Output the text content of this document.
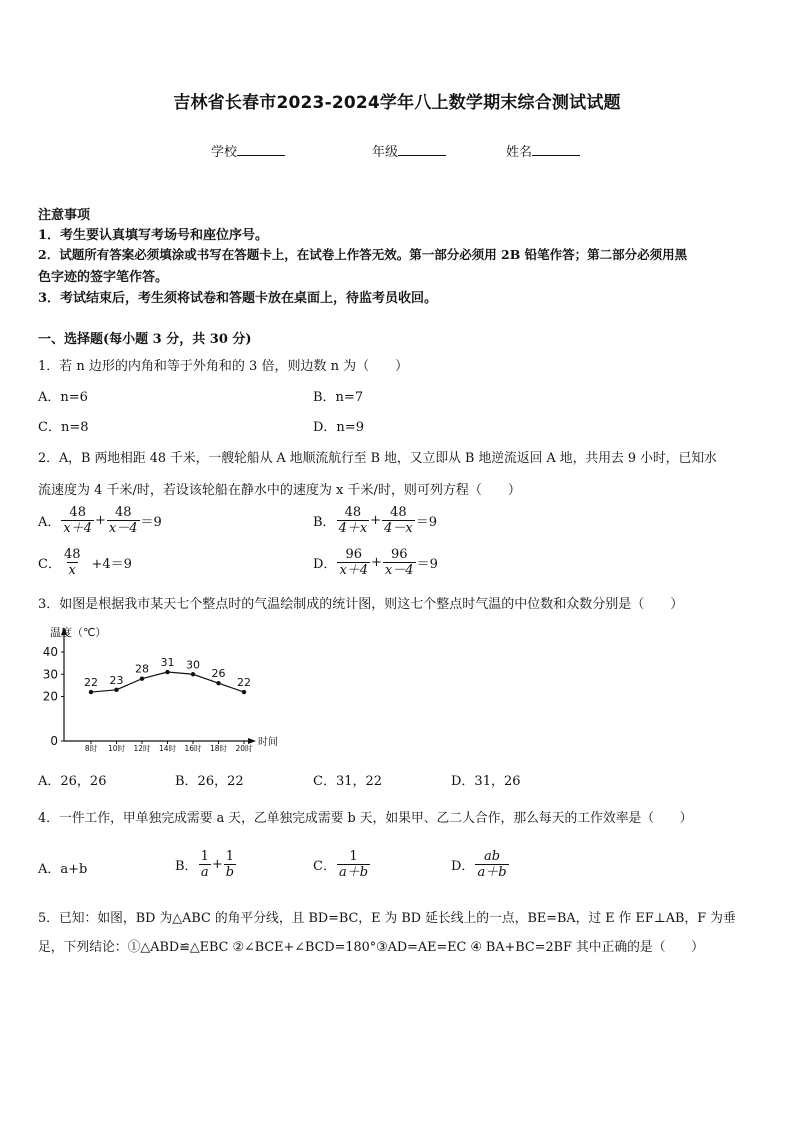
吉林省长春市2023-2024学年八上数学期末综合测试试题
学校	年级	姓名
注意事项
1．考生要认真填写考场号和座位序号。
2．试题所有答案必须填涂或书写在答题卡上，在试卷上作答无效。第一部分必须用 2B 铅笔作答；第二部分必须用黑
色字迹的签字笔作答。
3．考试结束后，考生须将试卷和答题卡放在桌面上，待监考员收回。
一、选择题(每小题 3 分，共 30 分)
1．若 n 边形的内角和等于外角和的 3 倍，则边数 n 为（　　）
A．n=6	B．n=7
C．n=8	D．n=9
2．A，B 两地相距 48 千米，一艘轮船从 A 地顺流航行至 B 地，又立即从 B 地逆流返回 A 地，共用去 9 小时，已知水
流速度为 4 千米/时，若设该轮船在静水中的速度为 x 千米/时，则可列方程（　　）
A． $\frac{48}{x+4} + \frac{48}{x-4} =9$	B． $\frac{48}{4+x} + \frac{48}{4-x} =9$
C． $\frac{48}{x} +4=9$	D． $\frac{96}{x+4} + \frac{96}{x-4} =9$
3．如图是根据我市某天七个整点时的气温绘制成的统计图，则这七个整点时气温的中位数和众数分别是（　　）
温度（℃）
时间
0
20
30
40
8时 10时 12时 14时 16时 18时 20时
22 23
28
31 30
26
22
A．26，26	B．26，22	C．31，22	D．31，26
4．一件工作，甲单独完成需要 a 天，乙单独完成需要 b 天，如果甲、乙二人合作，那么每天的工作效率是（　　）
A．a+b	B． $\frac{1}{a} + \frac{1}{b}$	C． $\frac{1}{a+b}$	D． $\frac{ab}{a+b}$
5．已知：如图，BD 为△ABC 的角平分线，且 BD=BC，E 为 BD 延长线上的一点，BE=BA，过 E 作 EF⊥AB，F 为垂
足，下列结论：①△ABD≌△EBC ②∠BCE+∠BCD=180°③AD=AE=EC ④ BA+BC=2BF 其中正确的是（　　）
